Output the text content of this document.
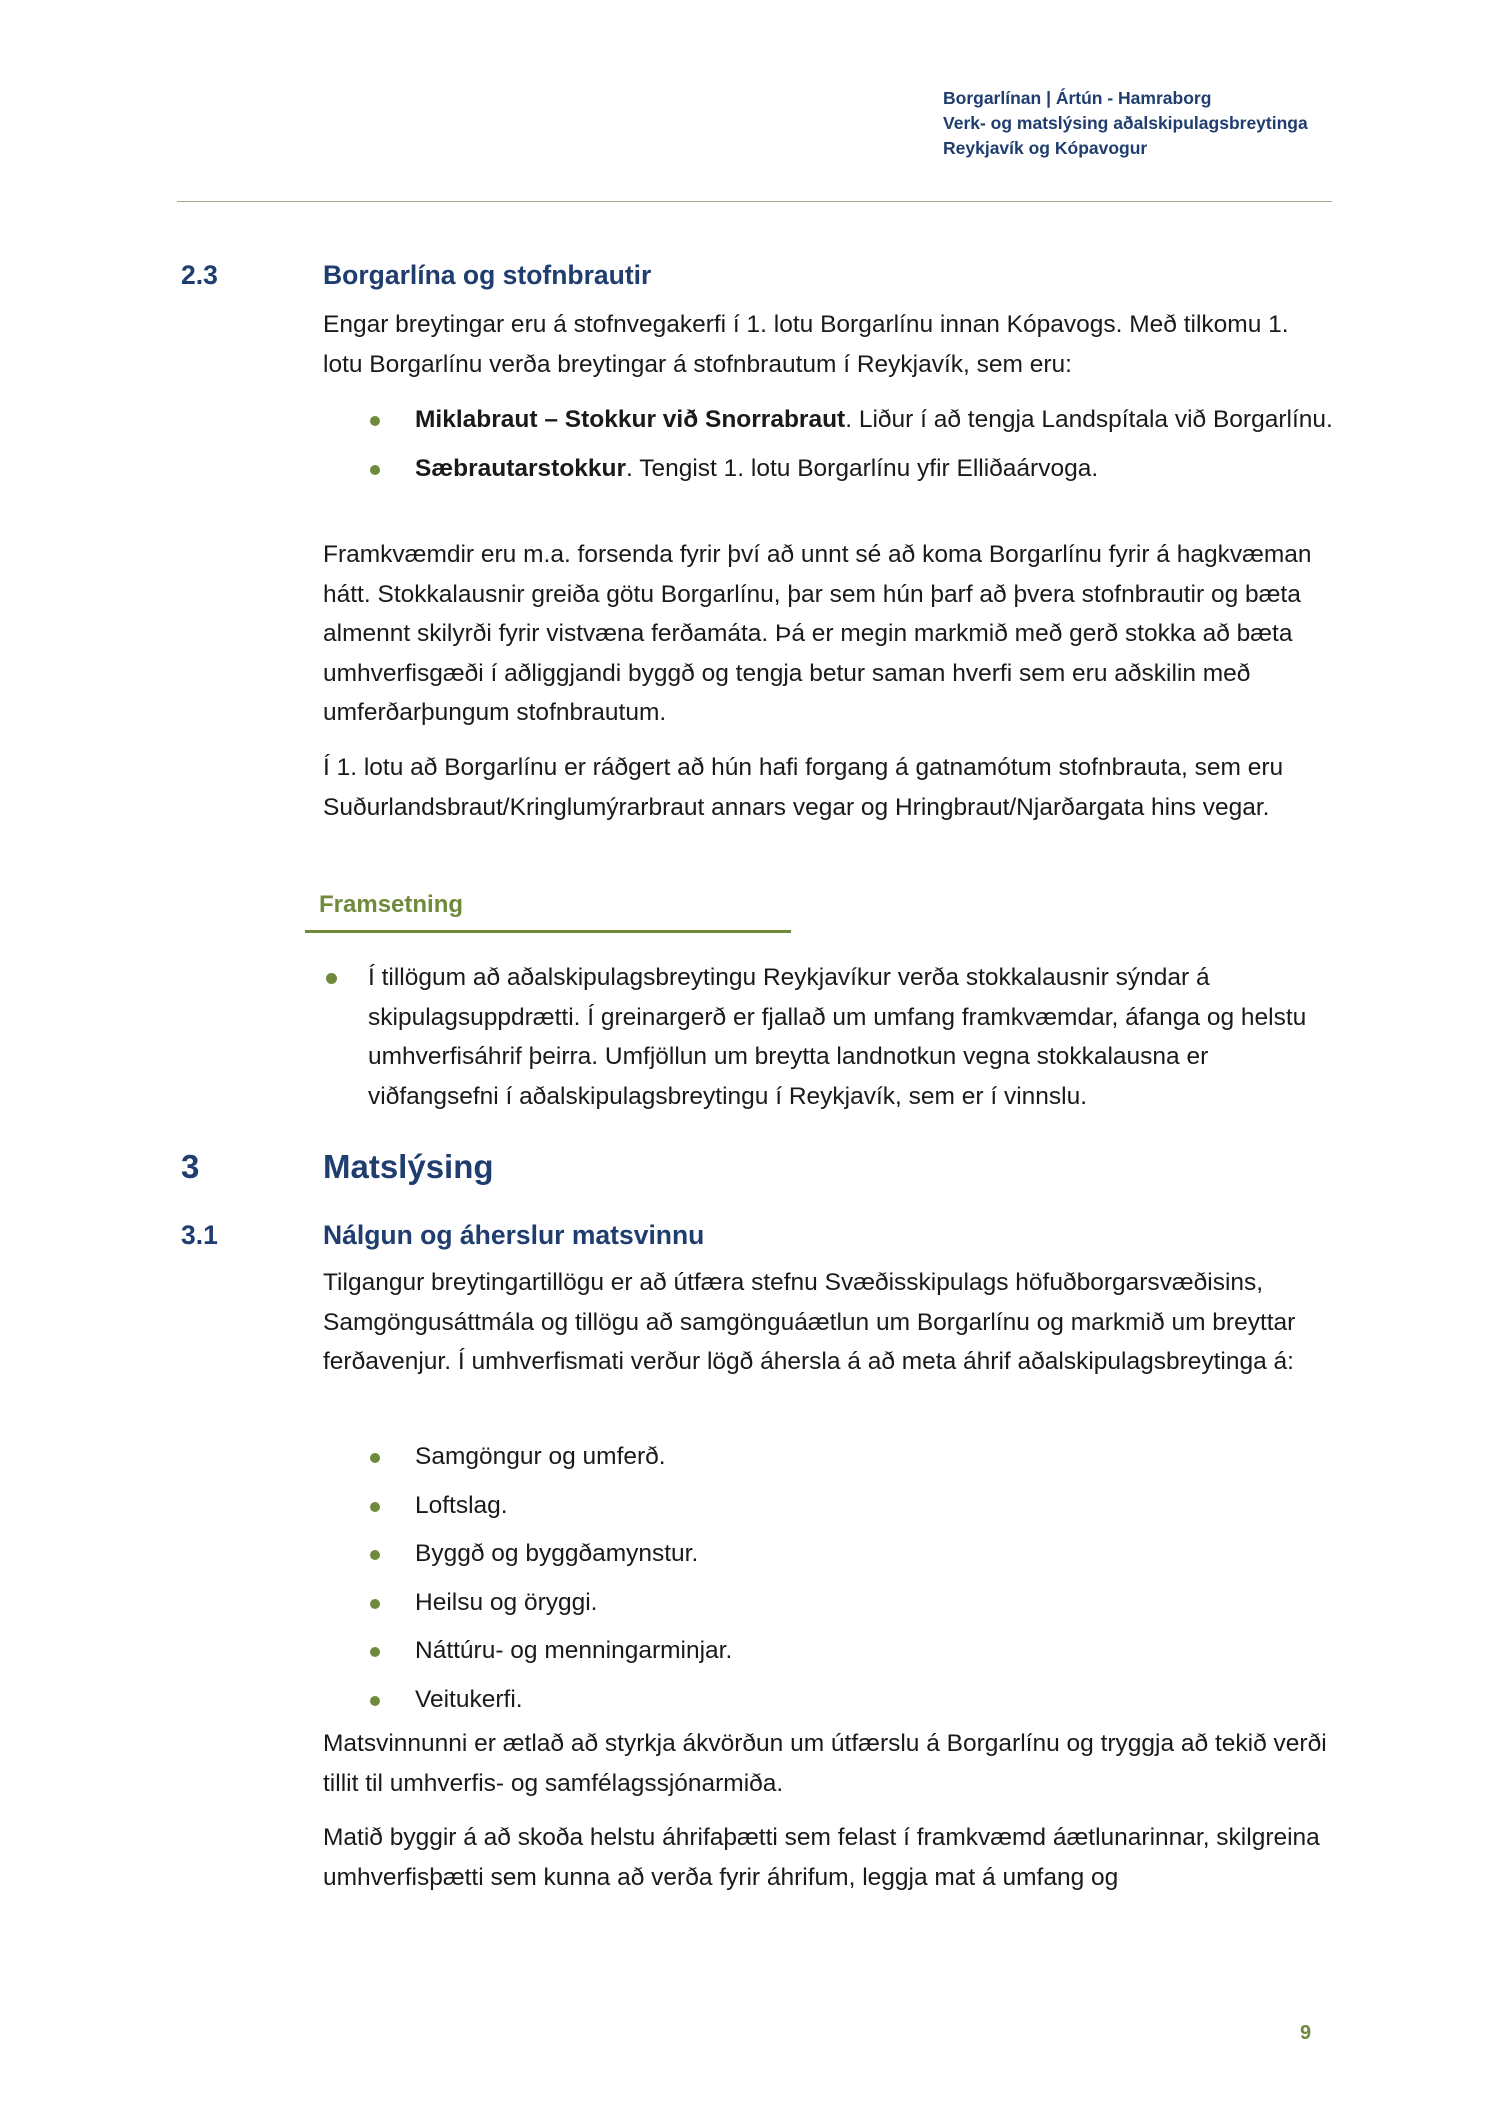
Borgarlínan | Ártún - Hamraborg
Verk- og matslýsing aðalskipulagsbreytinga
Reykjavík og Kópavogur
2.3	Borgarlína og stofnbrautir

Engar breytingar eru á stofnvegakerfi í 1. lotu Borgarlínu innan Kópavogs. Með tilkomu 1. lotu Borgarlínu verða breytingar á stofnbrautum í Reykjavík, sem eru:

Miklabraut – Stokkur við Snorrabraut. Liður í að tengja Landspítala við Borgarlínu.
Sæbrautarstokkur. Tengist 1. lotu Borgarlínu yfir Elliðaárvoga.

Framkvæmdir eru m.a. forsenda fyrir því að unnt sé að koma Borgarlínu fyrir á hagkvæman hátt. Stokkalausnir greiða götu Borgarlínu, þar sem hún þarf að þvera stofnbrautir og bæta almennt skilyrði fyrir vistvæna ferðamáta. Þá er megin markmið með gerð stokka að bæta umhverfisgæði í aðliggjandi byggð og tengja betur saman hverfi sem eru aðskilin með umferðarþungum stofnbrautum.

Í 1. lotu að Borgarlínu er ráðgert að hún hafi forgang á gatnamótum stofnbrauta, sem eru Suðurlandsbraut/Kringlumýrarbraut annars vegar og Hringbraut/Njarðargata hins vegar.

Framsetning
Í tillögum að aðalskipulagsbreytingu Reykjavíkur verða stokkalausnir sýndar á skipulagsuppdrætti. Í greinargerð er fjallað um umfang framkvæmdar, áfanga og helstu umhverfisáhrif þeirra. Umfjöllun um breytta landnotkun vegna stokkalausna er viðfangsefni í aðalskipulagsbreytingu í Reykjavík, sem er í vinnslu.
3	Matslýsing
3.1	Nálgun og áherslur matsvinnu

Tilgangur breytingartillögu er að útfæra stefnu Svæðisskipulags höfuðborgarsvæðisins, Samgöngusáttmála og tillögu að samgönguáætlun um Borgarlínu og markmið um breyttar ferðavenjur. Í umhverfismati verður lögð áhersla á að meta áhrif aðalskipulagsbreytinga á:

Samgöngur og umferð.
Loftslag.
Byggð og byggðamynstur.
Heilsu og öryggi.
Náttúru- og menningarminjar.
Veitukerfi.

Matsvinnunni er ætlað að styrkja ákvörðun um útfærslu á Borgarlínu og tryggja að tekið verði tillit til umhverfis- og samfélagssjónarmiða.

Matið byggir á að skoða helstu áhrifaþætti sem felast í framkvæmd áætlunarinnar, skilgreina umhverfisþætti sem kunna að verða fyrir áhrifum, leggja mat á umfang og

9
